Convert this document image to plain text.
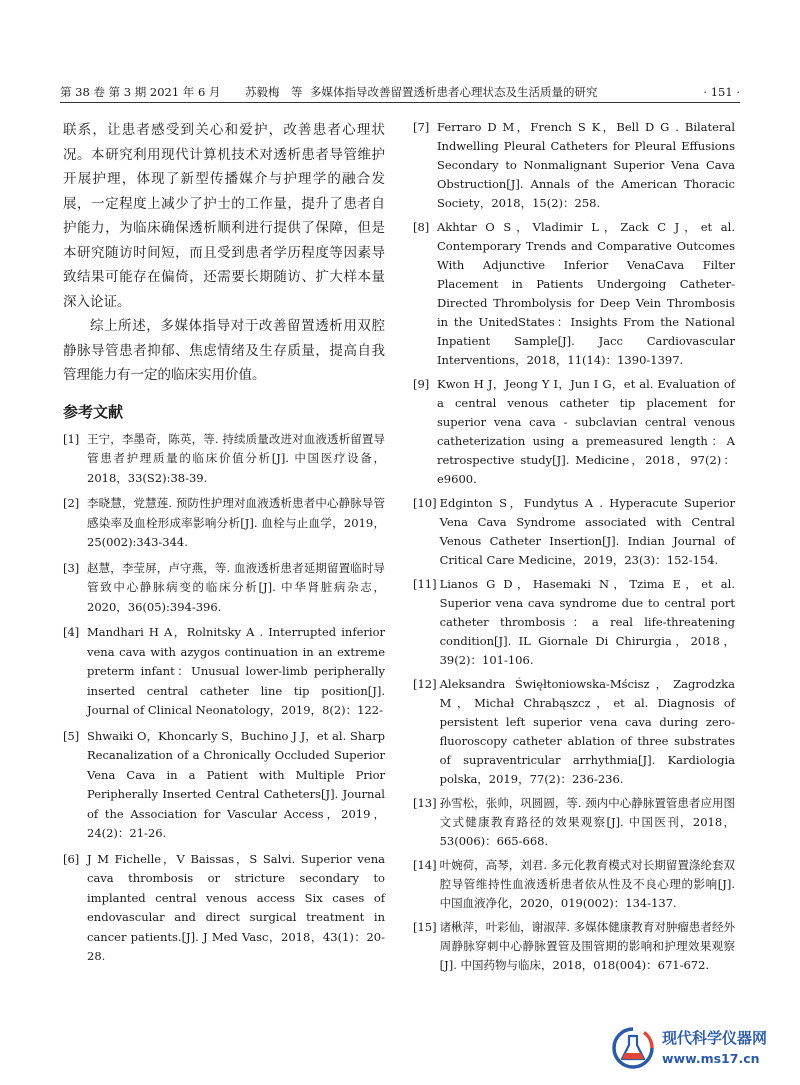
第 38 卷 第 3 期 2021 年 6 月 苏毅梅　等 多媒体指导改善留置透析患者心理状态及生活质量的研究	· 151 ·

联系，让患者感受到关心和爱护，改善患者心理状况。本研究利用现代计算机技术对透析患者导管维护开展护理，体现了新型传播媒介与护理学的融合发展，一定程度上减少了护士的工作量，提升了患者自护能力，为临床确保透析顺利进行提供了保障，但是本研究随访时间短，而且受到患者学历程度等因素导致结果可能存在偏倚，还需要长期随访、扩大样本量深入论证。

综上所述，多媒体指导对于改善留置透析用双腔静脉导管患者抑郁、焦虑情绪及生存质量，提高自我管理能力有一定的临床实用价值。

参考文献
[1] 王宁，李墨奇，陈英，等. 持续质量改进对血液透析留置导管患者护理质量的临床价值分析[J]. 中国医疗设备，2018，33(S2):38-39.
[2] 李晓慧，党慧莲. 预防性护理对血液透析患者中心静脉导管感染率及血栓形成率影响分析[J]. 血栓与止血学，2019，25(002):343-344.
[3] 赵慧，李莹屏，卢守燕，等. 血液透析患者延期留置临时导管致中心静脉病变的临床分析[J]. 中华肾脏病杂志，2020，36(05):394-396.
[4] Mandhari H A，Rolnitsky A . Interrupted inferior vena cava with azygos continuation in an extreme preterm infant：Unusual lower-limb peripherally inserted central catheter line tip position[J]. Journal of Clinical Neonatology，2019，8(2)：122-
[5] Shwaiki O，Khoncarly S，Buchino J J，et al. Sharp Recanalization of a Chronically Occluded Superior Vena Cava in a Patient with Multiple Prior Peripherally Inserted Central Catheters[J]. Journal of the Association for Vascular Access，2019，24(2)：21-26.
[6] J M Fichelle，V Baissas，S Salvi. Superior vena cava thrombosis or stricture secondary to implanted central venous access Six cases of endovascular and direct surgical treatment in cancer patients.[J]. J Med Vasc，2018，43(1)：20-28.
[7] Ferraro D M，French S K，Bell D G . Bilateral Indwelling Pleural Catheters for Pleural Effusions Secondary to Nonmalignant Superior Vena Cava Obstruction[J]. Annals of the American Thoracic Society，2018，15(2)：258.
[8] Akhtar O S，Vladimir L，Zack C J，et al. Contemporary Trends and Comparative Outcomes With Adjunctive Inferior VenaCava Filter Placement in Patients Undergoing Catheter-Directed Thrombolysis for Deep Vein Thrombosis in the UnitedStates：Insights From the National Inpatient Sample[J]. Jacc Cardiovascular Interventions，2018，11(14)：1390-1397.
[9] Kwon H J，Jeong Y I，Jun I G，et al. Evaluation of a central venous catheter tip placement for superior vena cava - subclavian central venous catheterization using a premeasured length：A retrospective study[J]. Medicine，2018，97(2)：e9600.
[10] Edginton S，Fundytus A . Hyperacute Superior Vena Cava Syndrome associated with Central Venous Catheter Insertion[J]. Indian Journal of Critical Care Medicine，2019，23(3)：152-154.
[11] Lianos G D，Hasemaki N，Tzima E，et al. Superior vena cava syndrome due to central port catheter thrombosis：a real life-threatening condition[J]. IL Giornale Di Chirurgia，2018，39(2)：101-106.
[12] Aleksandra Święłtoniowska-Mścisz，Zagrodzka M，Michał Chrabąszcz，et al. Diagnosis of persistent left superior vena cava during zero-fluoroscopy catheter ablation of three substrates of supraventricular arrhythmia[J]. Kardiologia polska，2019，77(2)：236-236.
[13] 孙雪松，张帅，巩圆圆，等. 颈内中心静脉置管患者应用图文式健康教育路径的效果观察[J]. 中国医刊，2018，53(006)：665-668.
[14] 叶婉荷，高琴，刘君. 多元化教育模式对长期留置涤纶套双腔导管维持性血液透析患者依从性及不良心理的影响[J]. 中国血液净化，2020，019(002)：134-137.
[15] 诸楸萍，叶彩仙，谢淑萍. 多媒体健康教育对肿瘤患者经外周静脉穿刺中心静脉置管及围管期的影响和护理效果观察[J]. 中国药物与临床，2018，018(004)：671-672.
现代科学仪器网
www.ms17.cn
